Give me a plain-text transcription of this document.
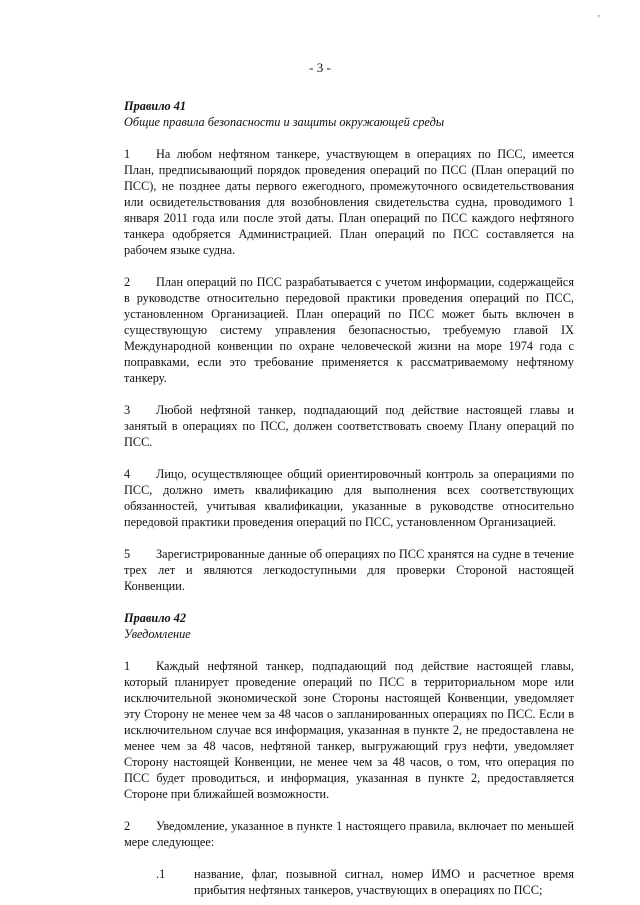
- 3 -
'
Правило 41
Общие правила безопасности и защиты окружающей среды

1 На любом нефтяном танкере, участвующем в операциях по ПСС, имеется План, предписывающий порядок проведения операций по ПСС (План операций по ПСС), не позднее даты первого ежегодного, промежуточного освидетельствования или освидетельствования для возобновления свидетельства судна, проводимого 1 января 2011 года или после этой даты. План операций по ПСС каждого нефтяного танкера одобряется Администрацией. План операций по ПСС составляется на рабочем языке судна.

2 План операций по ПСС разрабатывается с учетом информации, содержащейся в руководстве относительно передовой практики проведения операций по ПСС, установленном Организацией. План операций по ПСС может быть включен в существующую систему управления безопасностью, требуемую главой IX Международной конвенции по охране человеческой жизни на море 1974 года с поправками, если это требование применяется к рассматриваемому нефтяному танкеру.

3 Любой нефтяной танкер, подпадающий под действие настоящей главы и занятый в операциях по ПСС, должен соответствовать своему Плану операций по ПСС.

4 Лицо, осуществляющее общий ориентировочный контроль за операциями по ПСС, должно иметь квалификацию для выполнения всех соответствующих обязанностей, учитывая квалификации, указанные в руководстве относительно передовой практики проведения операций по ПСС, установленном Организацией.

5 Зарегистрированные данные об операциях по ПСС хранятся на судне в течение трех лет и являются легкодоступными для проверки Стороной настоящей Конвенции.

Правило 42
Уведомление

1 Каждый нефтяной танкер, подпадающий под действие настоящей главы, который планирует проведение операций по ПСС в территориальном море или исключительной экономической зоне Стороны настоящей Конвенции, уведомляет эту Сторону не менее чем за 48 часов о запланированных операциях по ПСС. Если в исключительном случае вся информация, указанная в пункте 2, не предоставлена не менее чем за 48 часов, нефтяной танкер, выгружающий груз нефти, уведомляет Сторону настоящей Конвенции, не менее чем за 48 часов, о том, что операция по ПСС будет проводиться, и информация, указанная в пункте 2, предоставляется Стороне при ближайшей возможности.

2 Уведомление, указанное в пункте 1 настоящего правила, включает по меньшей мере следующее:

.1	название, флаг, позывной сигнал, номер ИМО и расчетное время прибытия нефтяных танкеров, участвующих в операциях по ПСС;
